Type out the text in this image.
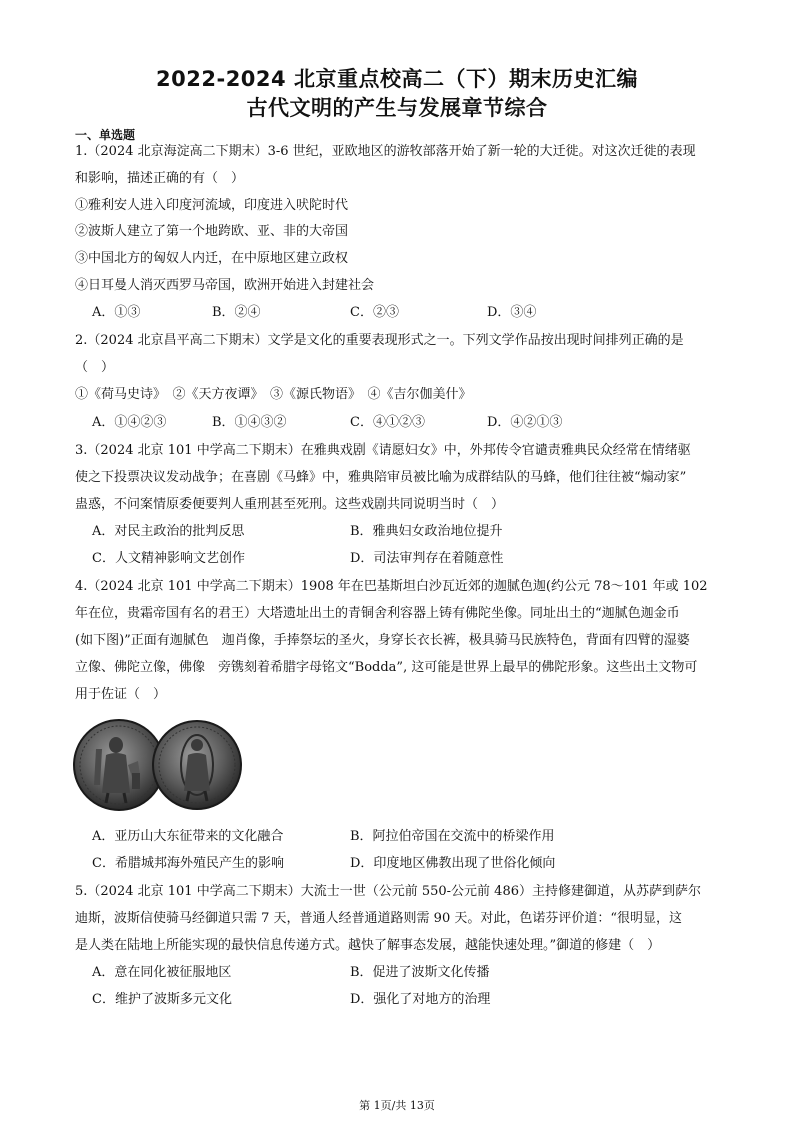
2022-2024 北京重点校高二（下）期末历史汇编
古代文明的产生与发展章节综合
一、单选题
1.（2024 北京海淀高二下期末）3-6 世纪，亚欧地区的游牧部落开始了新一轮的大迁徙。对这次迁徙的表现
和影响，描述正确的有（　）
①雅利安人进入印度河流域，印度进入吠陀时代
②波斯人建立了第一个地跨欧、亚、非的大帝国
③中国北方的匈奴人内迁，在中原地区建立政权
④日耳曼人消灭西罗马帝国，欧洲开始进入封建社会
A．①③	B．②④	C．②③	D．③④
2.（2024 北京昌平高二下期末）文学是文化的重要表现形式之一。下列文学作品按出现时间排列正确的是
（　）
①《荷马史诗》　②《天方夜谭》　③《源氏物语》　④《吉尔伽美什》
A．①④②③	B．①④③②	C．④①②③	D．④②①③
3.（2024 北京 101 中学高二下期末）在雅典戏剧《请愿妇女》中，外邦传令官谴责雅典民众经常在情绪驱
使之下投票决议发动战争；在喜剧《马蜂》中，雅典陪审员被比喻为成群结队的马蜂，他们往往被“煽动家”
蛊惑，不问案情原委便要判人重刑甚至死刑。这些戏剧共同说明当时（　）
A．对民主政治的批判反思	B．雅典妇女政治地位提升
C．人文精神影响文艺创作	D．司法审判存在着随意性
4.（2024 北京 101 中学高二下期末）1908 年在巴基斯坦白沙瓦近郊的迦腻色迦(约公元 78～101 年或 102
年在位，贵霜帝国有名的君王）大塔遗址出土的青铜舍利容器上铸有佛陀坐像。同址出土的“迦腻色迦金币
(如下图)”正面有迦腻色　迦肖像，手捧祭坛的圣火，身穿长衣长裤，极具骑马民族特色，背面有四臂的湿婆
立像、佛陀立像，佛像　旁镌刻着希腊字母铭文“Bodda”, 这可能是世界上最早的佛陀形象。这些出土文物可
用于佐证（　）
A．亚历山大东征带来的文化融合	B．阿拉伯帝国在交流中的桥梁作用
C．希腊城邦海外殖民产生的影响	D．印度地区佛教出现了世俗化倾向
5.（2024 北京 101 中学高二下期末）大流士一世（公元前 550-公元前 486）主持修建御道，从苏萨到萨尔
迪斯，波斯信使骑马经御道只需 7 天，普通人经普通道路则需 90 天。对此，色诺芬评价道：“很明显，这
是人类在陆地上所能实现的最快信息传递方式。越快了解事态发展，越能快速处理。”御道的修建（　）
A．意在同化被征服地区	B．促进了波斯文化传播
C．维护了波斯多元文化	D．强化了对地方的治理
第 1页/共 13页
